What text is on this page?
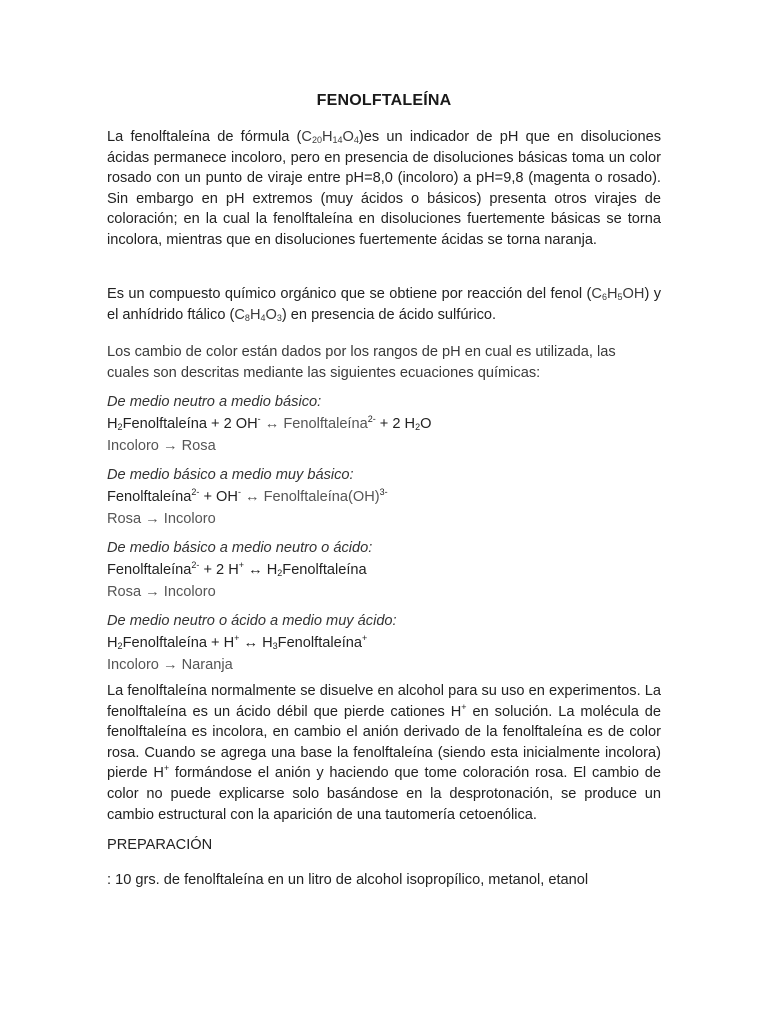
FENOLFTALEÍNA
La fenolftaleína de fórmula $(C_{20}H_{14}O_4)es$ un indicador de pH que en disoluciones ácidas permanece incoloro, pero en presencia de disoluciones básicas toma un color rosado con un punto de viraje entre pH=8,0 (incoloro) a pH=9,8 (magenta o rosado). Sin embargo en pH extremos (muy ácidos o básicos) presenta otros virajes de coloración; en la cual la fenolftaleína en disoluciones fuertemente básicas se torna incolora, mientras que en disoluciones fuertemente ácidas se torna naranja.
Es un compuesto químico orgánico que se obtiene por reacción del fenol $(C_6H_5OH)$ y el anhídrido ftálico $(C_8H_4O_3)$ en presencia de ácido sulfúrico.
Los cambio de color están dados por los rangos de pH en cual es utilizada, las cuales son descritas mediante las siguientes ecuaciones químicas:
De medio neutro a medio básico:
$H_2Fenolftaleína + 2$ OH- ↔ Fenolftaleína$^{2-}$ + 2 $H_2O$
Incoloro → Rosa
De medio básico a medio muy básico:
Fenolftaleína$^{2-}$ + OH- ↔ Fenolftaleína(OH)$^{3-}$
Rosa → Incoloro
De medio básico a medio neutro o ácido:
Fenolftaleína$^{2-}$ + 2 H+ ↔ $H_2Fenolftaleína$
Rosa → Incoloro
De medio neutro o ácido a medio muy ácido:
$H_2Fenolftaleína + H^+$ ↔ $H_3Fenolftaleína^+$
Incoloro → Naranja
La fenolftaleína normalmente se disuelve en alcohol para su uso en experimentos. La fenolftaleína es un ácido débil que pierde cationes H+ en solución. La molécula de fenolftaleína es incolora, en cambio el anión derivado de la fenolftaleína es de color rosa. Cuando se agrega una base la fenolftaleína (siendo esta inicialmente incolora) pierde H+ formándose el anión y haciendo que tome coloración rosa. El cambio de color no puede explicarse solo basándose en la desprotonación, se produce un cambio estructural con la aparición de una tautomería cetoenólica.
PREPARACIÓN
: 10 grs. de fenolftaleína en un litro de alcohol isopropílico, metanol, etanol
